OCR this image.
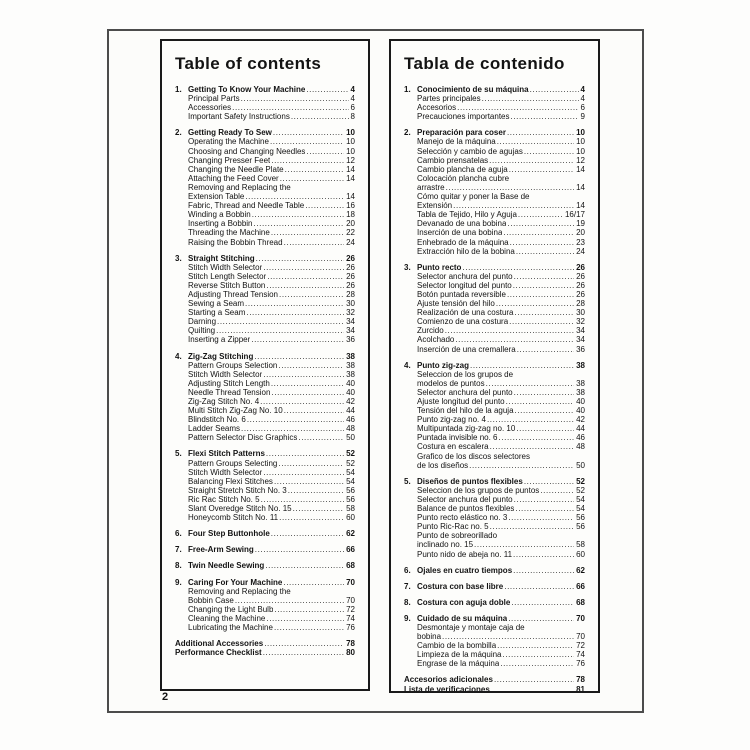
Table of contents
1. Getting To Know Your Machine .....	4
Principal Parts .....	4
Accessories .....	6
Important Safety Instructions .....	8
2. Getting Ready To Sew .....	10
Operating the Machine .....	10
Choosing and Changing Needles .....	10
Changing Presser Feet .....	12
Changing the Needle Plate .....	14
Attaching the Feed Cover .....	14
Removing and Replacing the
Extension Table .....	14
Fabric, Thread and Needle Table .....	16
Winding a Bobbin .....	18
Inserting a Bobbin .....	20
Threading the Machine .....	22
Raising the Bobbin Thread .....	24
3. Straight Stitching .....	26
Stitch Width Selector .....	26
Stitch Length Selector .....	26
Reverse Stitch Button .....	26
Adjusting Thread Tension .....	28
Sewing a Seam .....	30
Starting a Seam .....	32
Darning .....	34
Quilting .....	34
Inserting a Zipper .....	36
4. Zig-Zag Stitching .....	38
Pattern Groups Selection .....	38
Stitch Width Selector .....	38
Adjusting Stitch Length .....	40
Needle Thread Tension .....	40
Zig-Zag Stitch No. 4 .....	42
Multi Stitch Zig-Zag No. 10 .....	44
Blindstitch No. 6 .....	46
Ladder Seams .....	48
Pattern Selector Disc Graphics .....	50
5. Flexi Stitch Patterns .....	52
Pattern Groups Selecting .....	52
Stitch Width Selector .....	54
Balancing Flexi Stitches .....	54
Straight Stretch Stitch No. 3 .....	56
Ric Rac Stitch No. 5 .....	56
Slant Overedge Stitch No. 15 .....	58
Honeycomb Stitch No. 11 .....	60
6. Four Step Buttonhole .....	62
7. Free-Arm Sewing .....	66
8. Twin Needle Sewing .....	68
9. Caring For Your Machine .....	70
Removing and Replacing the
Bobbin Case .....	70
Changing the Light Bulb .....	72
Cleaning the Machine .....	74
Lubricating the Machine .....	76
Additional Accessories .....	78
Performance Checklist .....	80
Tabla de contenido
1. Conocimiento de su máquina .....	4
Partes principales .....	4
Accesorios .....	6
Precauciones importantes .....	9
2. Preparación para coser .....	10
Manejo de la máquina .....	10
Selección y cambio de agujas .....	10
Cambio prensatelas .....	12
Cambio plancha de aguja .....	14
Colocación plancha cubre
arrastre .....	14
Cómo quitar y poner la Base de
Extensión .....	14
Tabla de Tejido, Hilo y Aguja .....	16/17
Devanado de una bobina .....	19
Inserción de una bobina .....	20
Enhebrado de la máquina .....	23
Extracción hilo de la bobina .....	24
3. Punto recto .....	26
Selector anchura del punto .....	26
Selector longitud del punto .....	26
Botón puntada reversible .....	26
Ajuste tensión del hilo .....	28
Realización de una costura .....	30
Comienzo de una costura .....	32
Zurcido .....	34
Acolchado .....	34
Inserción de una cremallera .....	36
4. Punto zig-zag .....	38
Seleccion de los grupos de
modelos de puntos .....	38
Selector anchura del punto .....	38
Ajuste longitud del punto .....	40
Tensión del hilo de la aguja .....	40
Punto zig-zag no. 4 .....	42
Multipuntada zig-zag no. 10 .....	44
Puntada invisible no. 6 .....	46
Costura en escalera .....	48
Grafico de los discos selectores
de los diseños .....	50
5. Diseños de puntos flexibles .....	52
Seleccion de los grupos de puntos .....	52
Selector anchura del punto .....	54
Balance de puntos flexibles .....	54
Punto recto elástico no. 3 .....	56
Punto Ric-Rac no. 5 .....	56
Punto de sobreorillado
inclinado no. 15 .....	58
Punto nido de abeja no. 11 .....	60
6. Ojales en cuatro tiempos .....	62
7. Costura con base libre .....	66
8. Costura con aguja doble .....	68
9. Cuidado de su máquina .....	70
Desmontaje y montaje caja de
bobina .....	70
Cambio de la bombilla .....	72
Limpieza de la máquina .....	74
Engrase de la máquina .....	76
Accesorios adicionales .....	78
Lista de verificaciones .....	81
2
